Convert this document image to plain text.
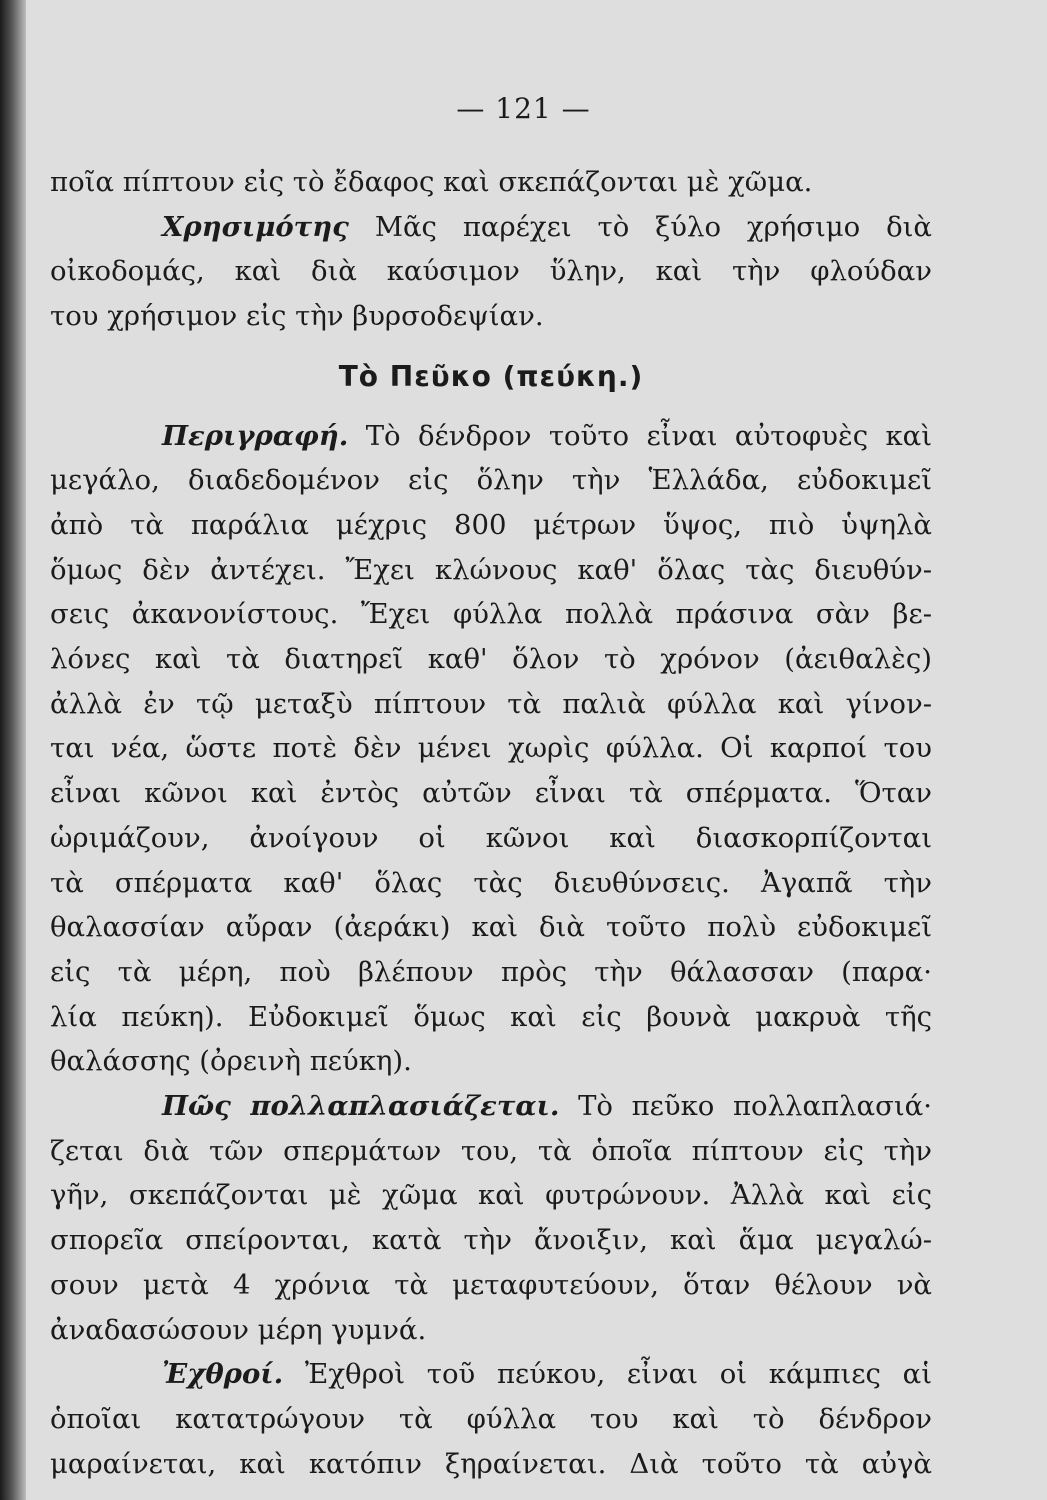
— 121 —
ποῖα πίπτουν εἰς τὸ ἔδαφος καὶ σκεπάζονται μὲ χῶμα.
Χρησιμότης Μᾶς παρέχει τὸ ξύλο χρήσιμο διὰ
οἰκοδομάς, καὶ διὰ καύσιμον ὕλην, καὶ τὴν φλούδαν
του χρήσιμον εἰς τὴν βυρσοδεψίαν.
Τὸ Πεῦκο (πεύκη.)
Περιγραφή. Τὸ δένδρον τοῦτο εἶναι αὐτοφυὲς καὶ
μεγάλο, διαδεδομένον εἰς ὅλην τὴν Ἑλλάδα, εὐδοκιμεῖ
ἀπὸ τὰ παράλια μέχρις 800 μέτρων ὕψος, πιὸ ὑψηλὰ
ὅμως δὲν ἀντέχει. Ἔχει κλώνους καθ' ὅλας τὰς διευθύν-
σεις ἀκανονίστους. Ἔχει φύλλα πολλὰ πράσινα σὰν βε-
λόνες καὶ τὰ διατηρεῖ καθ' ὅλον τὸ χρόνον (ἀειθαλὲς)
ἀλλὰ ἐν τῷ μεταξὺ πίπτουν τὰ παλιὰ φύλλα καὶ γίνον-
ται νέα, ὥστε ποτὲ δὲν μένει χωρὶς φύλλα. Οἱ καρποί του
εἶναι κῶνοι καὶ ἐντὸς αὐτῶν εἶναι τὰ σπέρματα. Ὅταν
ὡριμάζουν, ἀνοίγουν οἱ κῶνοι καὶ διασκορπίζονται
τὰ σπέρματα καθ' ὅλας τὰς διευθύνσεις. Ἀγαπᾶ τὴν
θαλασσίαν αὔραν (ἀεράκι) καὶ διὰ τοῦτο πολὺ εὐδοκιμεῖ
εἰς τὰ μέρη, ποὺ βλέπουν πρὸς τὴν θάλασσαν (παρα·
λία πεύκη). Εὐδοκιμεῖ ὅμως καὶ εἰς βουνὰ μακρυὰ τῆς
θαλάσσης (ὀρεινὴ πεύκη).
Πῶς πολλαπλασιάζεται. Τὸ πεῦκο πολλαπλασιά·
ζεται διὰ τῶν σπερμάτων του, τὰ ὁποῖα πίπτουν εἰς τὴν
γῆν, σκεπάζονται μὲ χῶμα καὶ φυτρώνουν. Ἀλλὰ καὶ εἰς
σπορεῖα σπείρονται, κατὰ τὴν ἄνοιξιν, καὶ ἅμα μεγαλώ-
σουν μετὰ 4 χρόνια τὰ μεταφυτεύουν, ὅταν θέλουν νὰ
ἀναδασώσουν μέρη γυμνά.
Ἐχθροί. Ἐχθροὶ τοῦ πεύκου, εἶναι οἱ κάμπιες αἱ
ὁποῖαι κατατρώγουν τὰ φύλλα του καὶ τὸ δένδρον
μαραίνεται, καὶ κατόπιν ξηραίνεται. Διὰ τοῦτο τὰ αὐγὰ
